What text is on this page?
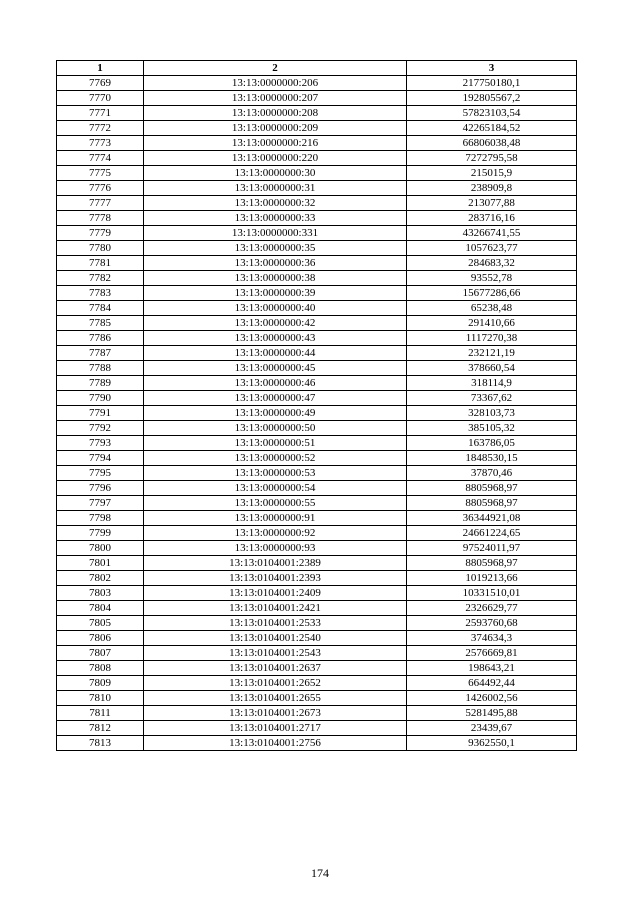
1	2	3
7769	13:13:0000000:206	217750180,1
7770	13:13:0000000:207	192805567,2
7771	13:13:0000000:208	57823103,54
7772	13:13:0000000:209	42265184,52
7773	13:13:0000000:216	66806038,48
7774	13:13:0000000:220	7272795,58
7775	13:13:0000000:30	215015,9
7776	13:13:0000000:31	238909,8
7777	13:13:0000000:32	213077,88
7778	13:13:0000000:33	283716,16
7779	13:13:0000000:331	43266741,55
7780	13:13:0000000:35	1057623,77
7781	13:13:0000000:36	284683,32
7782	13:13:0000000:38	93552,78
7783	13:13:0000000:39	15677286,66
7784	13:13:0000000:40	65238,48
7785	13:13:0000000:42	291410,66
7786	13:13:0000000:43	1117270,38
7787	13:13:0000000:44	232121,19
7788	13:13:0000000:45	378660,54
7789	13:13:0000000:46	318114,9
7790	13:13:0000000:47	73367,62
7791	13:13:0000000:49	328103,73
7792	13:13:0000000:50	385105,32
7793	13:13:0000000:51	163786,05
7794	13:13:0000000:52	1848530,15
7795	13:13:0000000:53	37870,46
7796	13:13:0000000:54	8805968,97
7797	13:13:0000000:55	8805968,97
7798	13:13:0000000:91	36344921,08
7799	13:13:0000000:92	24661224,65
7800	13:13:0000000:93	97524011,97
7801	13:13:0104001:2389	8805968,97
7802	13:13:0104001:2393	1019213,66
7803	13:13:0104001:2409	10331510,01
7804	13:13:0104001:2421	2326629,77
7805	13:13:0104001:2533	2593760,68
7806	13:13:0104001:2540	374634,3
7807	13:13:0104001:2543	2576669,81
7808	13:13:0104001:2637	198643,21
7809	13:13:0104001:2652	664492,44
7810	13:13:0104001:2655	1426002,56
7811	13:13:0104001:2673	5281495,88
7812	13:13:0104001:2717	23439,67
7813	13:13:0104001:2756	9362550,1
174
